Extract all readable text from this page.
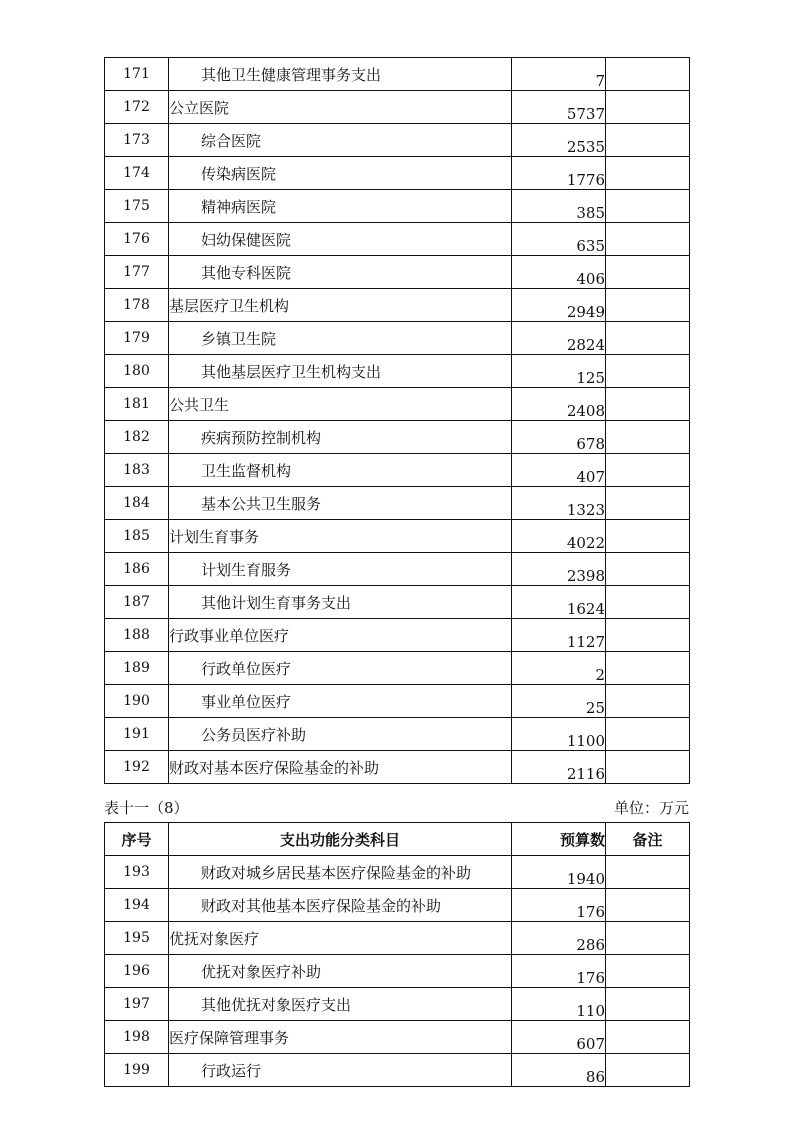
171	其他卫生健康管理事务支出	7	
172	公立医院	5737	
173	综合医院	2535	
174	传染病医院	1776	
175	精神病医院	385	
176	妇幼保健医院	635	
177	其他专科医院	406	
178	基层医疗卫生机构	2949	
179	乡镇卫生院	2824	
180	其他基层医疗卫生机构支出	125	
181	公共卫生	2408	
182	疾病预防控制机构	678	
183	卫生监督机构	407	
184	基本公共卫生服务	1323	
185	计划生育事务	4022	
186	计划生育服务	2398	
187	其他计划生育事务支出	1624	
188	行政事业单位医疗	1127	
189	行政单位医疗	2	
190	事业单位医疗	25	
191	公务员医疗补助	1100	
192	财政对基本医疗保险基金的补助	2116	
表十一（8）	单位：万元
序号	支出功能分类科目	预算数	备注
193	财政对城乡居民基本医疗保险基金的补助	1940	
194	财政对其他基本医疗保险基金的补助	176	
195	优抚对象医疗	286	
196	优抚对象医疗补助	176	
197	其他优抚对象医疗支出	110	
198	医疗保障管理事务	607	
199	行政运行	86	
